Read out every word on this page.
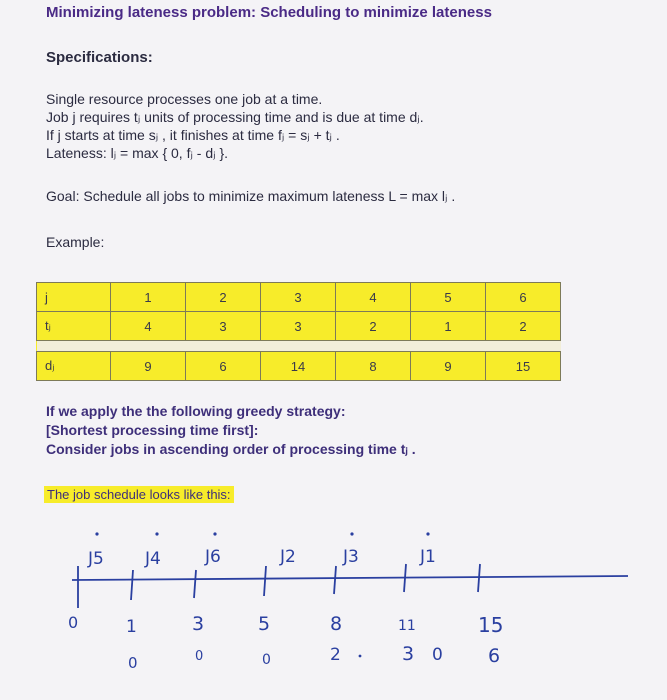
Minimizing lateness problem: Scheduling to minimize lateness
Specifications:
Single resource processes one job at a time.
Job j requires tⱼ units of processing time and is due at time dⱼ.
If j starts at time sⱼ , it finishes at time fⱼ = sⱼ + tⱼ .
Lateness: lⱼ = max { 0, fⱼ - dⱼ }.
Goal: Schedule all jobs to minimize maximum lateness L = max lⱼ .
Example:
j	1	2	3	4	5	6
tⱼ	4	3	3	2	1	2

dⱼ	9	6	14	8	9	15
If we apply the the following greedy strategy:
[Shortest processing time first]:
Consider jobs in ascending order of processing time tⱼ .
The job schedule looks like this:
J5 J4	J6	J2	J3	J1
0	1	3	5	8	11	15
0	0	0	2	3 0 6
